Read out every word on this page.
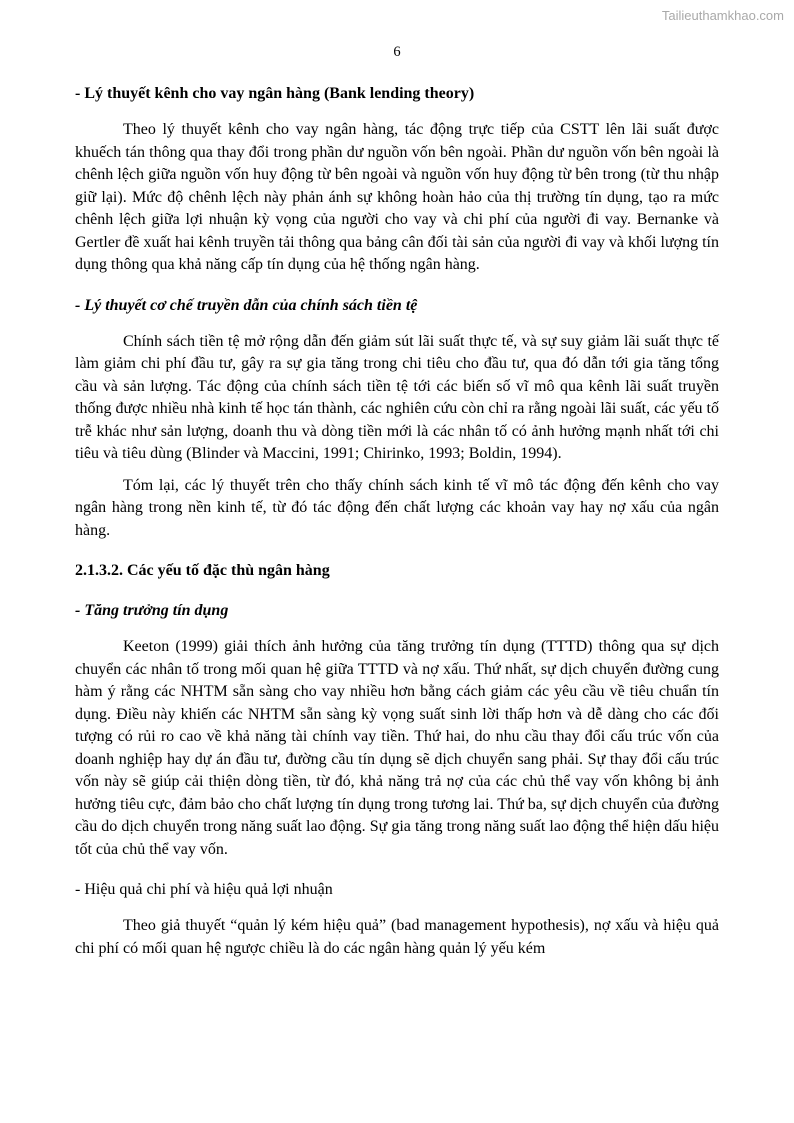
Tailieuthamkhao.com
6
- Lý thuyết kênh cho vay ngân hàng (Bank lending theory)

Theo lý thuyết kênh cho vay ngân hàng, tác động trực tiếp của CSTT lên lãi suất được khuếch tán thông qua thay đổi trong phần dư nguồn vốn bên ngoài. Phần dư nguồn vốn bên ngoài là chênh lệch giữa nguồn vốn huy động từ bên ngoài và nguồn vốn huy động từ bên trong (từ thu nhập giữ lại). Mức độ chênh lệch này phản ánh sự không hoàn hảo của thị trường tín dụng, tạo ra mức chênh lệch giữa lợi nhuận kỳ vọng của người cho vay và chi phí của người đi vay. Bernanke và Gertler đề xuất hai kênh truyền tải thông qua bảng cân đối tài sản của người đi vay và khối lượng tín dụng thông qua khả năng cấp tín dụng của hệ thống ngân hàng.

- Lý thuyết cơ chế truyền dẫn của chính sách tiền tệ

Chính sách tiền tệ mở rộng dẫn đến giảm sút lãi suất thực tế, và sự suy giảm lãi suất thực tế làm giảm chi phí đầu tư, gây ra sự gia tăng trong chi tiêu cho đầu tư, qua đó dẫn tới gia tăng tổng cầu và sản lượng. Tác động của chính sách tiền tệ tới các biến số vĩ mô qua kênh lãi suất truyền thống được nhiều nhà kinh tế học tán thành, các nghiên cứu còn chỉ ra rằng ngoài lãi suất, các yếu tố trễ khác như sản lượng, doanh thu và dòng tiền mới là các nhân tố có ảnh hưởng mạnh nhất tới chi tiêu và tiêu dùng (Blinder và Maccini, 1991; Chirinko, 1993; Boldin, 1994).

Tóm lại, các lý thuyết trên cho thấy chính sách kinh tế vĩ mô tác động đến kênh cho vay ngân hàng trong nền kinh tế, từ đó tác động đến chất lượng các khoản vay hay nợ xấu của ngân hàng.

2.1.3.2. Các yếu tố đặc thù ngân hàng
- Tăng trưởng tín dụng

Keeton (1999) giải thích ảnh hưởng của tăng trưởng tín dụng (TTTD) thông qua sự dịch chuyển các nhân tố trong mối quan hệ giữa TTTD và nợ xấu. Thứ nhất, sự dịch chuyển đường cung hàm ý rằng các NHTM sẵn sàng cho vay nhiều hơn bằng cách giảm các yêu cầu về tiêu chuẩn tín dụng. Điều này khiến các NHTM sẵn sàng kỳ vọng suất sinh lời thấp hơn và dễ dàng cho các đối tượng có rủi ro cao về khả năng tài chính vay tiền. Thứ hai, do nhu cầu thay đổi cấu trúc vốn của doanh nghiệp hay dự án đầu tư, đường cầu tín dụng sẽ dịch chuyển sang phải. Sự thay đổi cấu trúc vốn này sẽ giúp cải thiện dòng tiền, từ đó, khả năng trả nợ của các chủ thể vay vốn không bị ảnh hưởng tiêu cực, đảm bảo cho chất lượng tín dụng trong tương lai. Thứ ba, sự dịch chuyển của đường cầu do dịch chuyển trong năng suất lao động. Sự gia tăng trong năng suất lao động thể hiện dấu hiệu tốt của chủ thể vay vốn.

- Hiệu quả chi phí và hiệu quả lợi nhuận

Theo giả thuyết “quản lý kém hiệu quả” (bad management hypothesis), nợ xấu và hiệu quả chi phí có mối quan hệ ngược chiều là do các ngân hàng quản lý yếu kém
